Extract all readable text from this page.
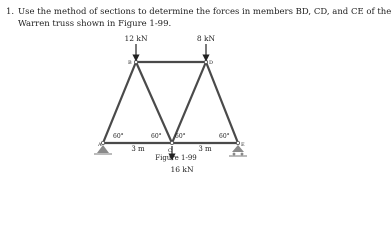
1. Use the method of sections to determine the forces in members BD, CD, and CE of the
Warren truss shown in Figure 1-99.
12 kN	8 kN
16 kN
A
B
C
D
E
60°	60° 60°	60°
3 m	3 m
Figure 1-99
